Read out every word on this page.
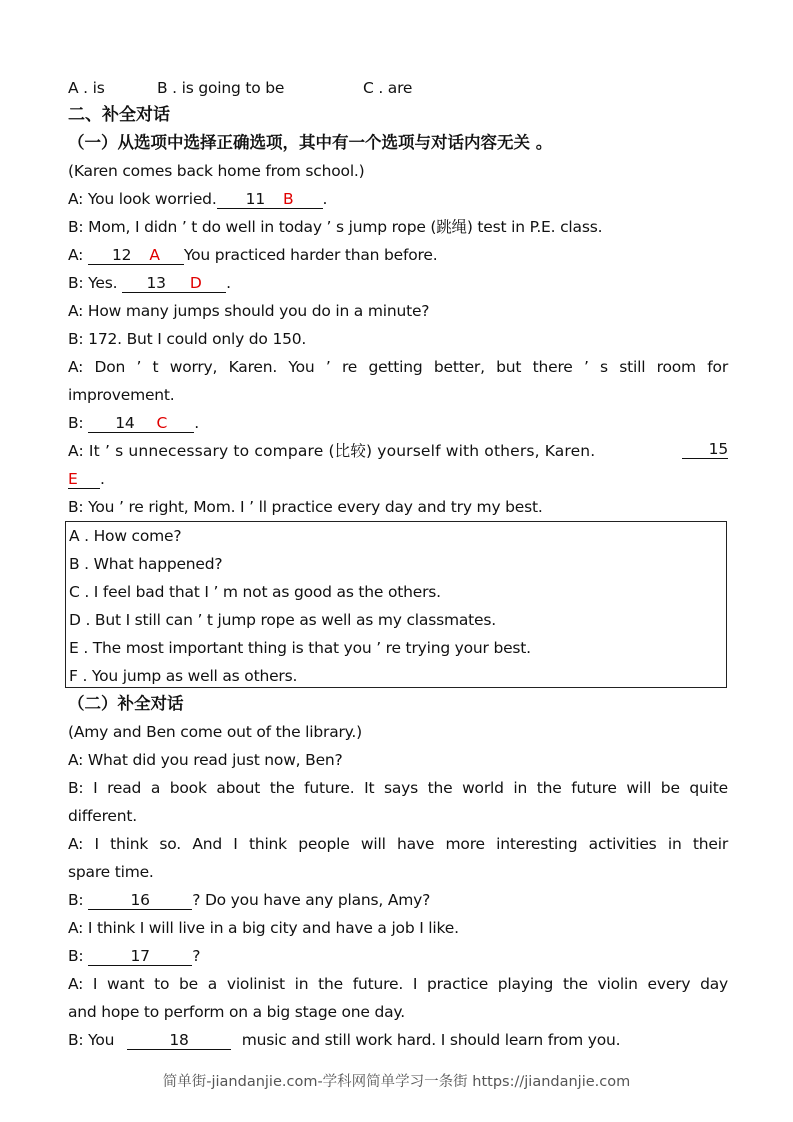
A . is	B . is going to be	C . are
二、补全对话
（一）从选项中选择正确选项，其中有一个选项与对话内容无关 。
(Karen comes back home from school.)
A: You look worried. 11 B .
B: Mom, I didn ’ t do well in today ’ s jump rope (跳绳) test in P.E. class.
A: 12 A You practiced harder than before.
B: Yes. 13 D .
A: How many jumps should you do in a minute?
B: 172. But I could only do 150.
A: Don ’ t worry, Karen. You ’ re getting better, but there ’ s still room for
improvement.
B: 14 C .
A: It ’ s unnecessary to compare (比较) yourself with others, Karen.	15
E .
B: You ’ re right, Mom. I ’ ll practice every day and try my best.
A . How come?
B . What happened?
C . I feel bad that I ’ m not as good as the others.
D . But I still can ’ t jump rope as well as my classmates.
E . The most important thing is that you ’ re trying your best.
F . You jump as well as others.
（二）补全对话
(Amy and Ben come out of the library.)
A: What did you read just now, Ben?
B: I read a book about the future. It says the world in the future will be quite
different.
A: I think so. And I think people will have more interesting activities in their
spare time.
B:	16	? Do you have any plans, Amy?
A: I think I will live in a big city and have a job I like.
B:	17	?
A: I want to be a violinist in the future. I practice playing the violin every day
and hope to perform on a big stage one day.
B: You	18	music and still work hard. I should learn from you.
简单街-jiandanjie.com-学科网简单学习一条街 https://jiandanjie.com
